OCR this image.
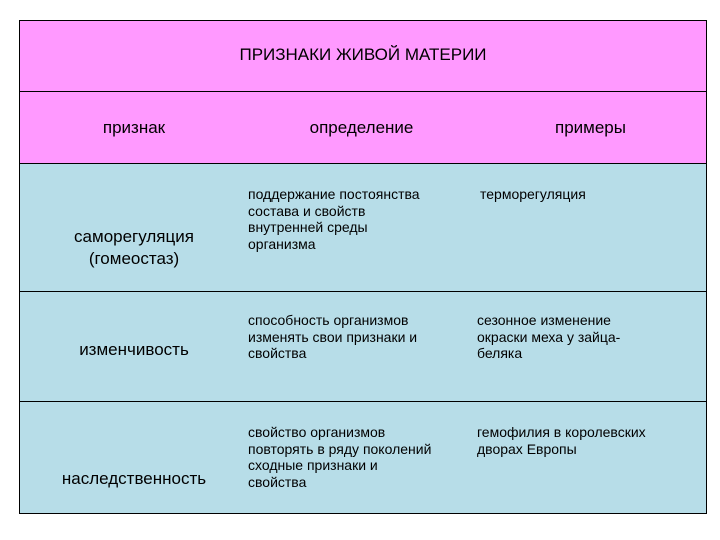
ПРИЗНАКИ ЖИВОЙ МАТЕРИИ
признак	определение	примеры
саморегуляция
(гомеостаз)
поддержание постоянства
состава и свойств
внутренней среды
организма
терморегуляция
изменчивость
способность организмов
изменять свои признаки и
свойства
сезонное изменение
окраски меха у зайца-
беляка
наследственность
свойство организмов
повторять в ряду поколений
сходные признаки и
свойства
гемофилия в королевских
дворах Европы
